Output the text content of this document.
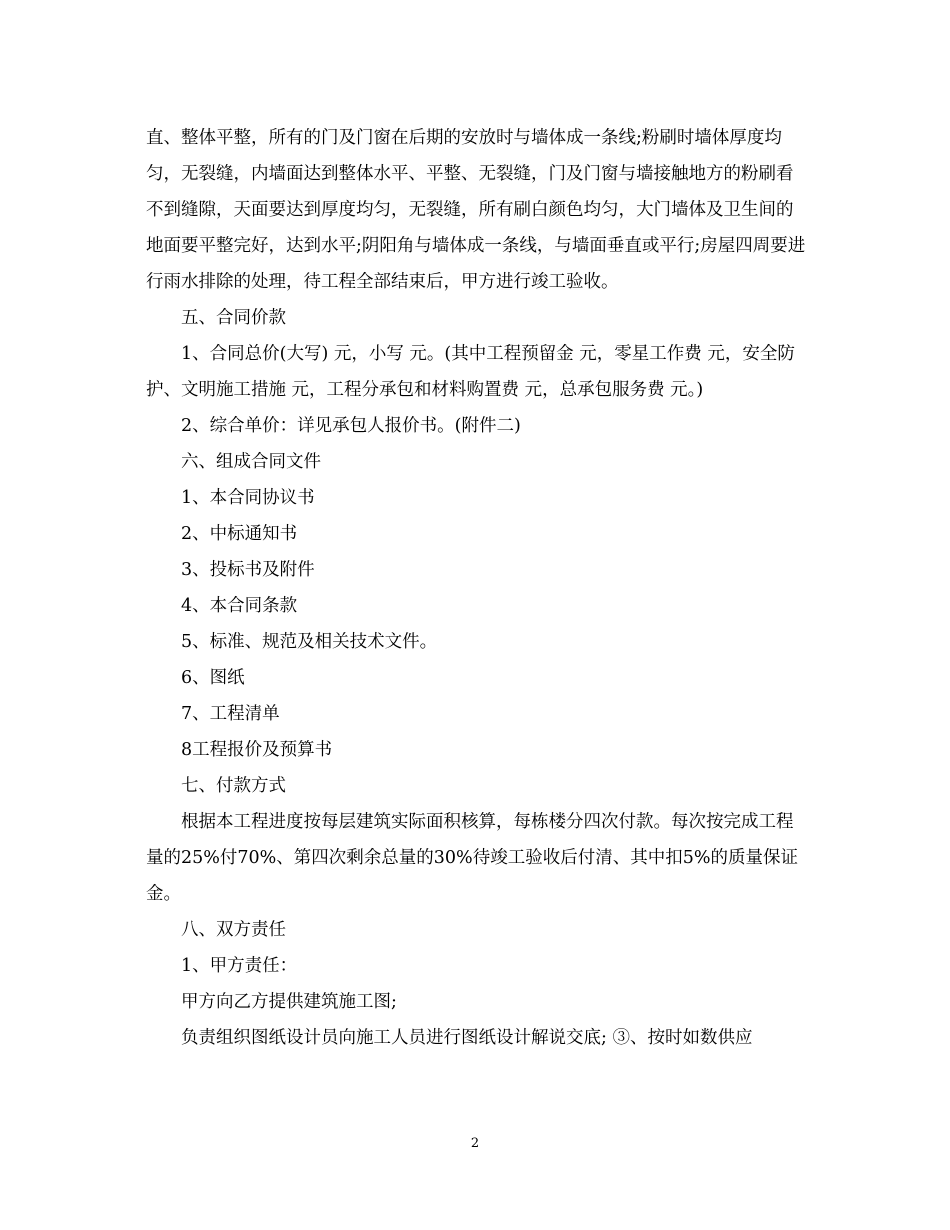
直、整体平整，所有的门及门窗在后期的安放时与墙体成一条线;粉刷时墙体厚度均匀，无裂缝，内墙面达到整体水平、平整、无裂缝，门及门窗与墙接触地方的粉刷看不到缝隙，天面要达到厚度均匀，无裂缝，所有刷白颜色均匀，大门墙体及卫生间的地面要平整完好，达到水平;阴阳角与墙体成一条线，与墙面垂直或平行;房屋四周要进行雨水排除的处理，待工程全部结束后，甲方进行竣工验收。

五、合同价款

1、合同总价(大写) 元，小写 元。(其中工程预留金 元，零星工作费 元，安全防护、文明施工措施 元，工程分承包和材料购置费 元，总承包服务费 元。)

2、综合单价：详见承包人报价书。(附件二)

六、组成合同文件

1、本合同协议书

2、中标通知书

3、投标书及附件

4、本合同条款

5、标准、规范及相关技术文件。

6、图纸

7、工程清单

8工程报价及预算书

七、付款方式

根据本工程进度按每层建筑实际面积核算，每栋楼分四次付款。每次按完成工程量的25%付70%、第四次剩余总量的30%待竣工验收后付清、其中扣5%的质量保证金。

八、双方责任

1、甲方责任：

甲方向乙方提供建筑施工图;

负责组织图纸设计员向施工人员进行图纸设计解说交底; ③、按时如数供应

2
